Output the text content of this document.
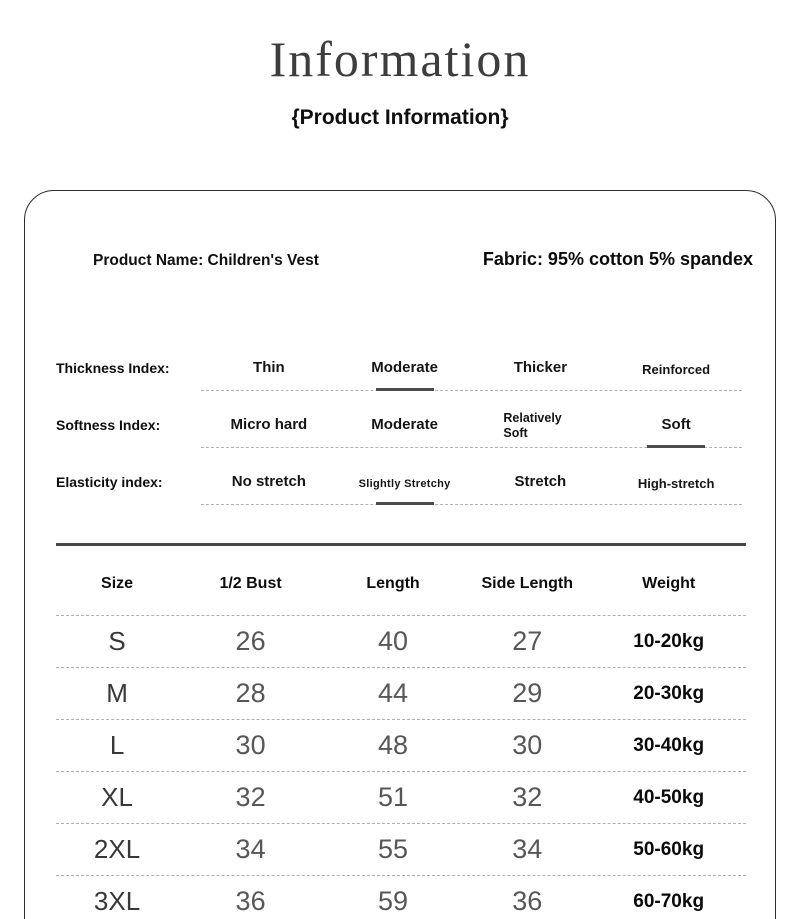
Information
{Product Information}
Product Name: Children's Vest	Fabric: 95% cotton 5% spandex
Thickness Index:	Thin	Moderate	Thicker	Reinforced
Softness Index:	Micro hard	Moderate	Relatively Soft	Soft
Elasticity index:	No stretch	Slightly Stretchy	Stretch	High-stretch
Size	1/2 Bust	Length	Side Length	Weight
S	26	40	27	10-20kg
M	28	44	29	20-30kg
L	30	48	30	30-40kg
XL	32	51	32	40-50kg
2XL	34	55	34	50-60kg
3XL	36	59	36	60-70kg
